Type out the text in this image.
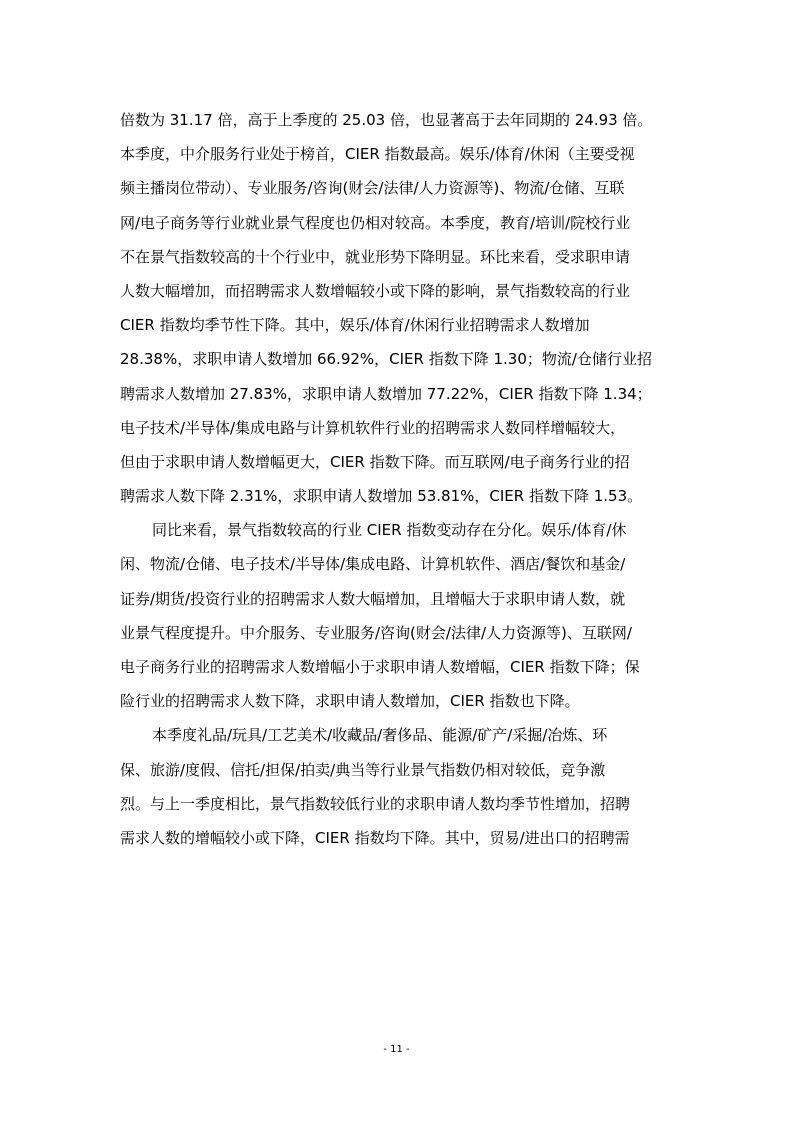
倍数为 31.17 倍，高于上季度的 25.03 倍，也显著高于去年同期的 24.93 倍。
本季度，中介服务行业处于榜首，CIER 指数最高。娱乐/体育/休闲（主要受视
频主播岗位带动）、专业服务/咨询(财会/法律/人力资源等)、物流/仓储、互联
网/电子商务等行业就业景气程度也仍相对较高。本季度，教育/培训/院校行业
不在景气指数较高的十个行业中，就业形势下降明显。环比来看，受求职申请
人数大幅增加，而招聘需求人数增幅较小或下降的影响，景气指数较高的行业
CIER 指数均季节性下降。其中，娱乐/体育/休闲行业招聘需求人数增加
28.38%，求职申请人数增加 66.92%，CIER 指数下降 1.30；物流/仓储行业招
聘需求人数增加 27.83%，求职申请人数增加 77.22%，CIER 指数下降 1.34；
电子技术/半导体/集成电路与计算机软件行业的招聘需求人数同样增幅较大，
但由于求职申请人数增幅更大，CIER 指数下降。而互联网/电子商务行业的招
聘需求人数下降 2.31%，求职申请人数增加 53.81%，CIER 指数下降 1.53。
同比来看，景气指数较高的行业 CIER 指数变动存在分化。娱乐/体育/休
闲、物流/仓储、电子技术/半导体/集成电路、计算机软件、酒店/餐饮和基金/
证券/期货/投资行业的招聘需求人数大幅增加，且增幅大于求职申请人数，就
业景气程度提升。中介服务、专业服务/咨询(财会/法律/人力资源等)、互联网/
电子商务行业的招聘需求人数增幅小于求职申请人数增幅，CIER 指数下降；保
险行业的招聘需求人数下降，求职申请人数增加，CIER 指数也下降。
本季度礼品/玩具/工艺美术/收藏品/奢侈品、能源/矿产/采掘/冶炼、环
保、旅游/度假、信托/担保/拍卖/典当等行业景气指数仍相对较低，竞争激
烈。与上一季度相比，景气指数较低行业的求职申请人数均季节性增加，招聘
需求人数的增幅较小或下降，CIER 指数均下降。其中，贸易/进出口的招聘需
- 11 -
